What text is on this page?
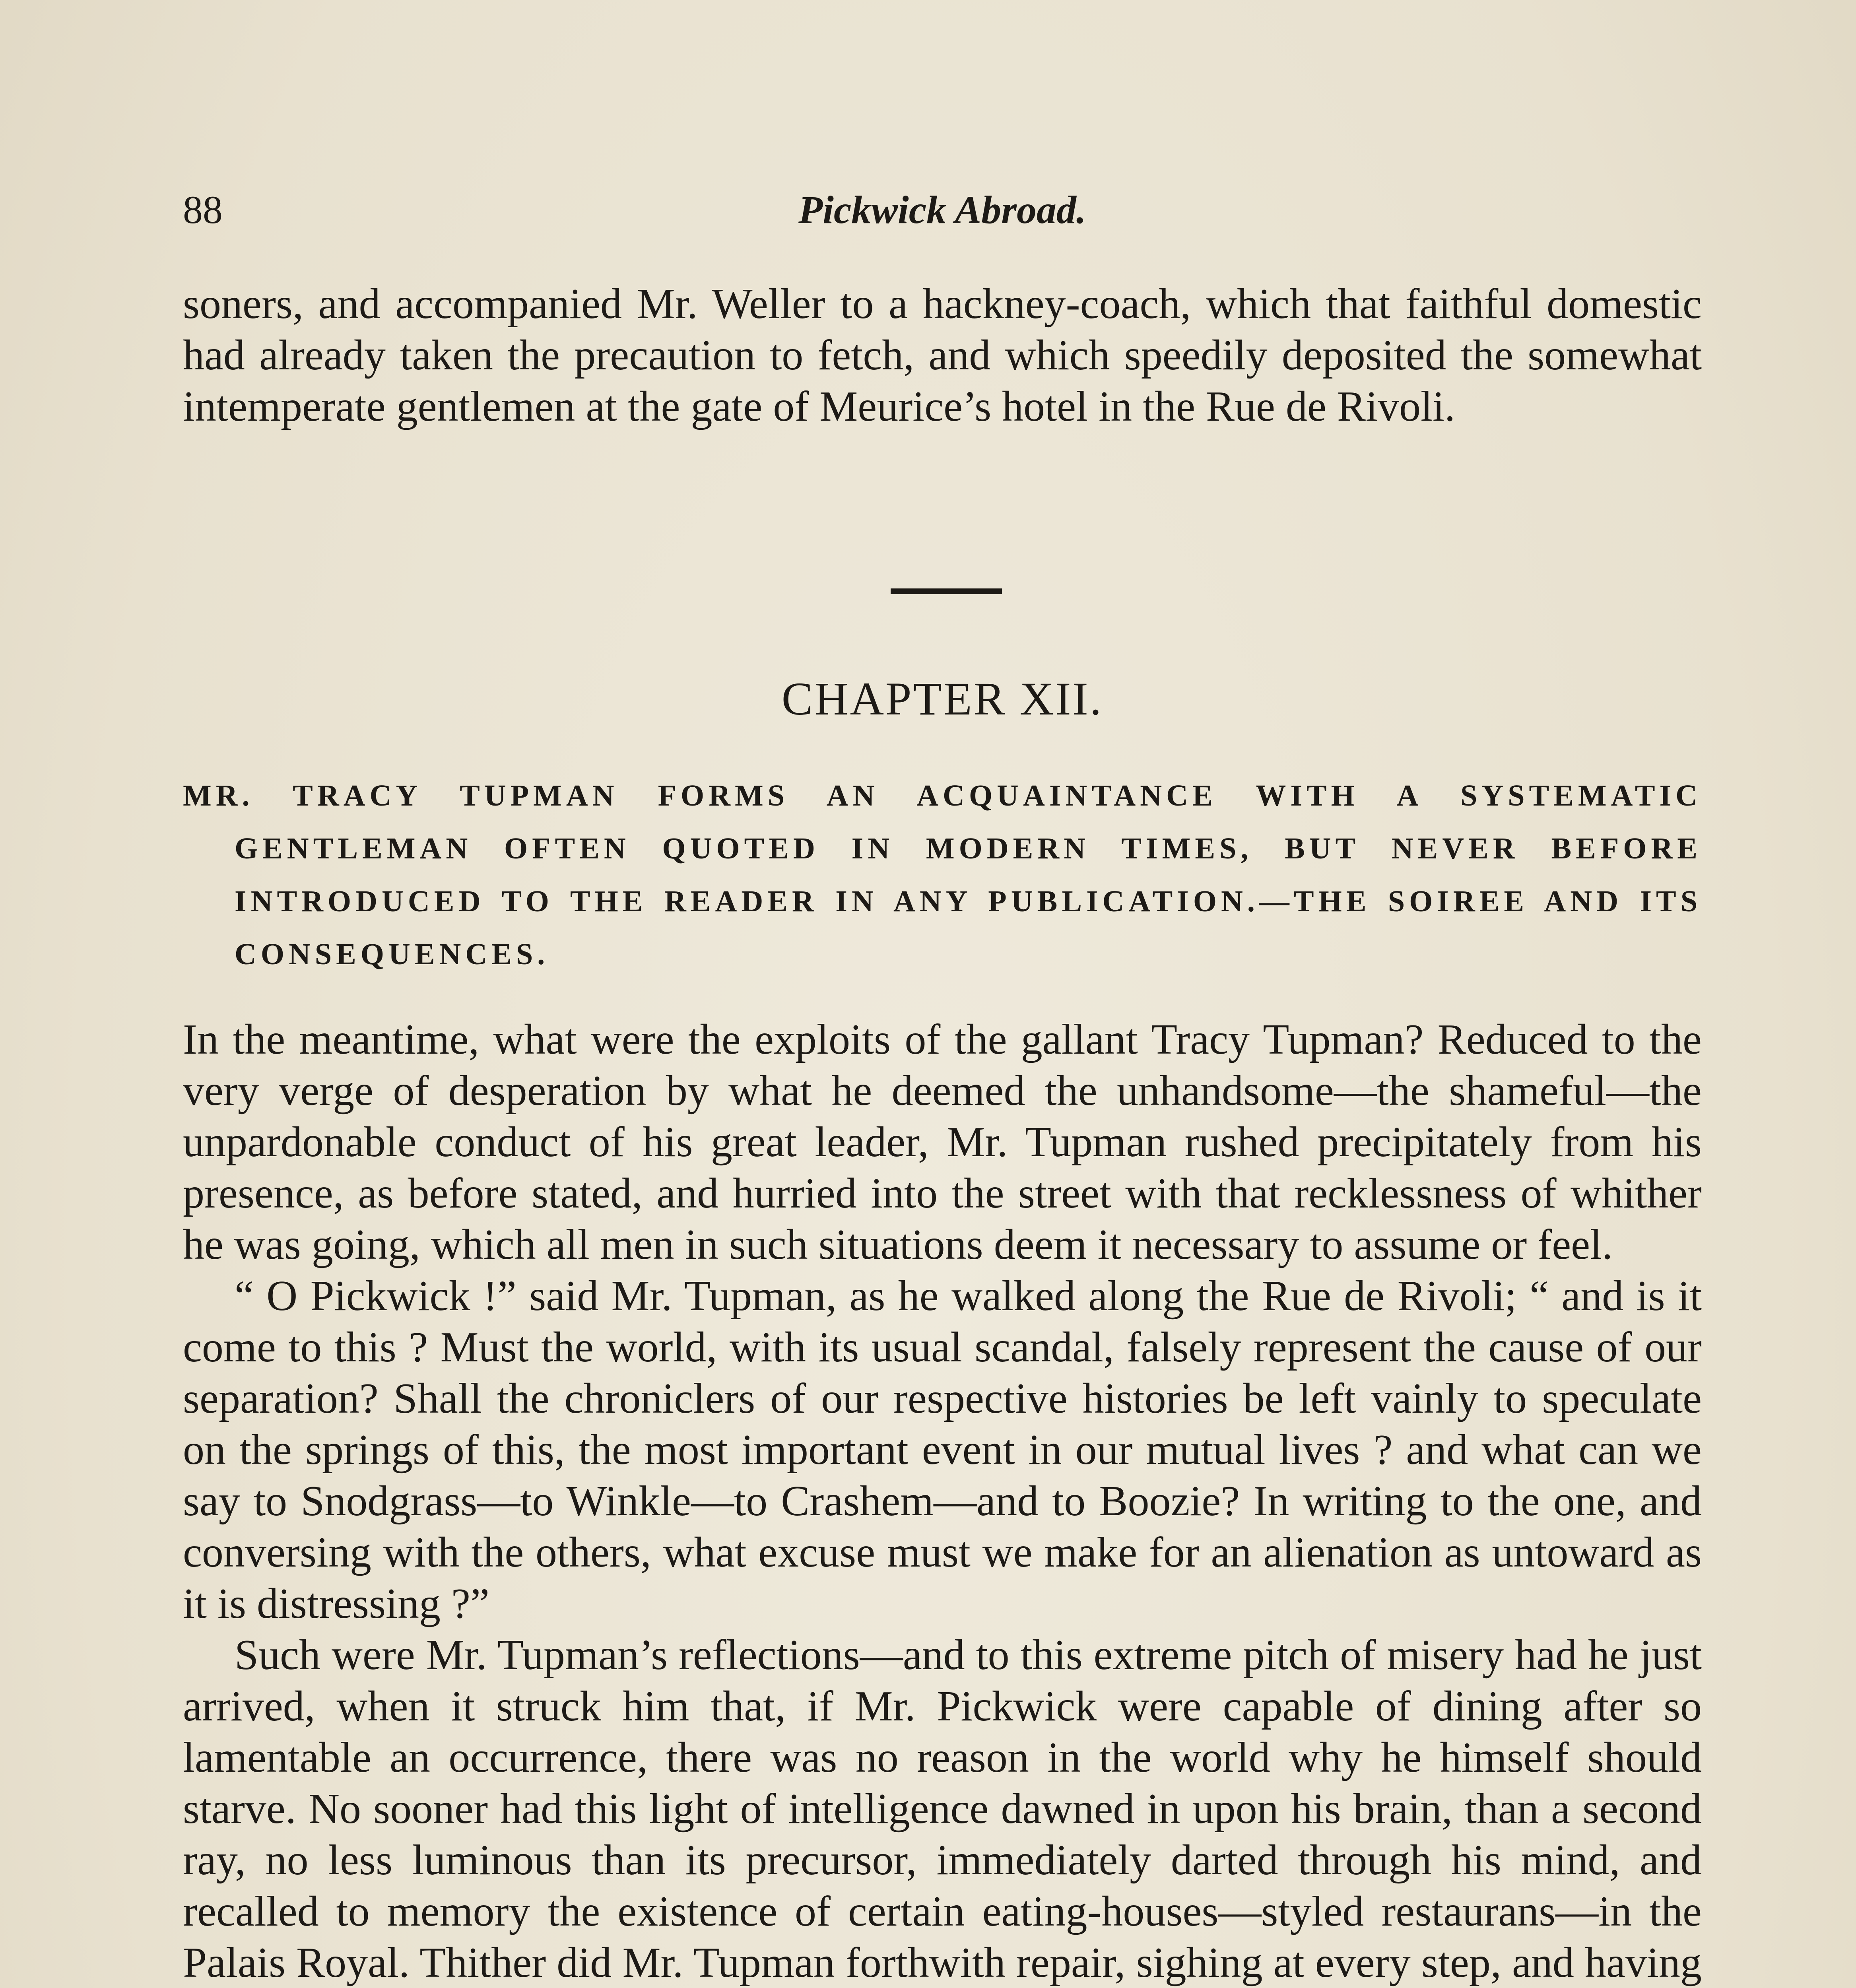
88	Pickwick Abroad.

soners, and accompanied Mr. Weller to a hackney-coach, which that faithful domestic had already taken the precaution to fetch, and which speedily deposited the somewhat intemperate gentlemen at the gate of Meurice’s hotel in the Rue de Rivoli.

CHAPTER XII.
MR. TRACY TUPMAN FORMS AN ACQUAINTANCE WITH A SYSTEMATIC GENTLEMAN OFTEN QUOTED IN MODERN TIMES, BUT NEVER BEFORE INTRODUCED TO THE READER IN ANY PUBLICATION.—THE SOIREE AND ITS CONSEQUENCES.

In the meantime, what were the exploits of the gallant Tracy Tupman? Reduced to the very verge of desperation by what he deemed the unhandsome—the shameful—the unpardonable conduct of his great leader, Mr. Tupman rushed precipitately from his presence, as before stated, and hurried into the street with that recklessness of whither he was going, which all men in such situations deem it necessary to assume or feel.

“ O Pickwick !” said Mr. Tupman, as he walked along the Rue de Rivoli; “ and is it come to this ? Must the world, with its usual scandal, falsely represent the cause of our separation? Shall the chroniclers of our respective histories be left vainly to speculate on the springs of this, the most important event in our mutual lives ? and what can we say to Snodgrass—to Winkle—to Crashem—and to Boozie? In writing to the one, and conversing with the others, what excuse must we make for an alienation as untoward as it is distressing ?”

Such were Mr. Tupman’s reflections—and to this extreme pitch of misery had he just arrived, when it struck him that, if Mr. Pickwick were capable of dining after so lamentable an occurrence, there was no reason in the world why he himself should starve. No sooner had this light of intelligence dawned in upon his brain, than a second ray, no less luminous than its precursor, immediately darted through his mind, and recalled to memory the existence of certain eating-houses—styled restaurans—in the Palais Royal. Thither did Mr. Tupman forthwith repair, sighing at every step, and having
